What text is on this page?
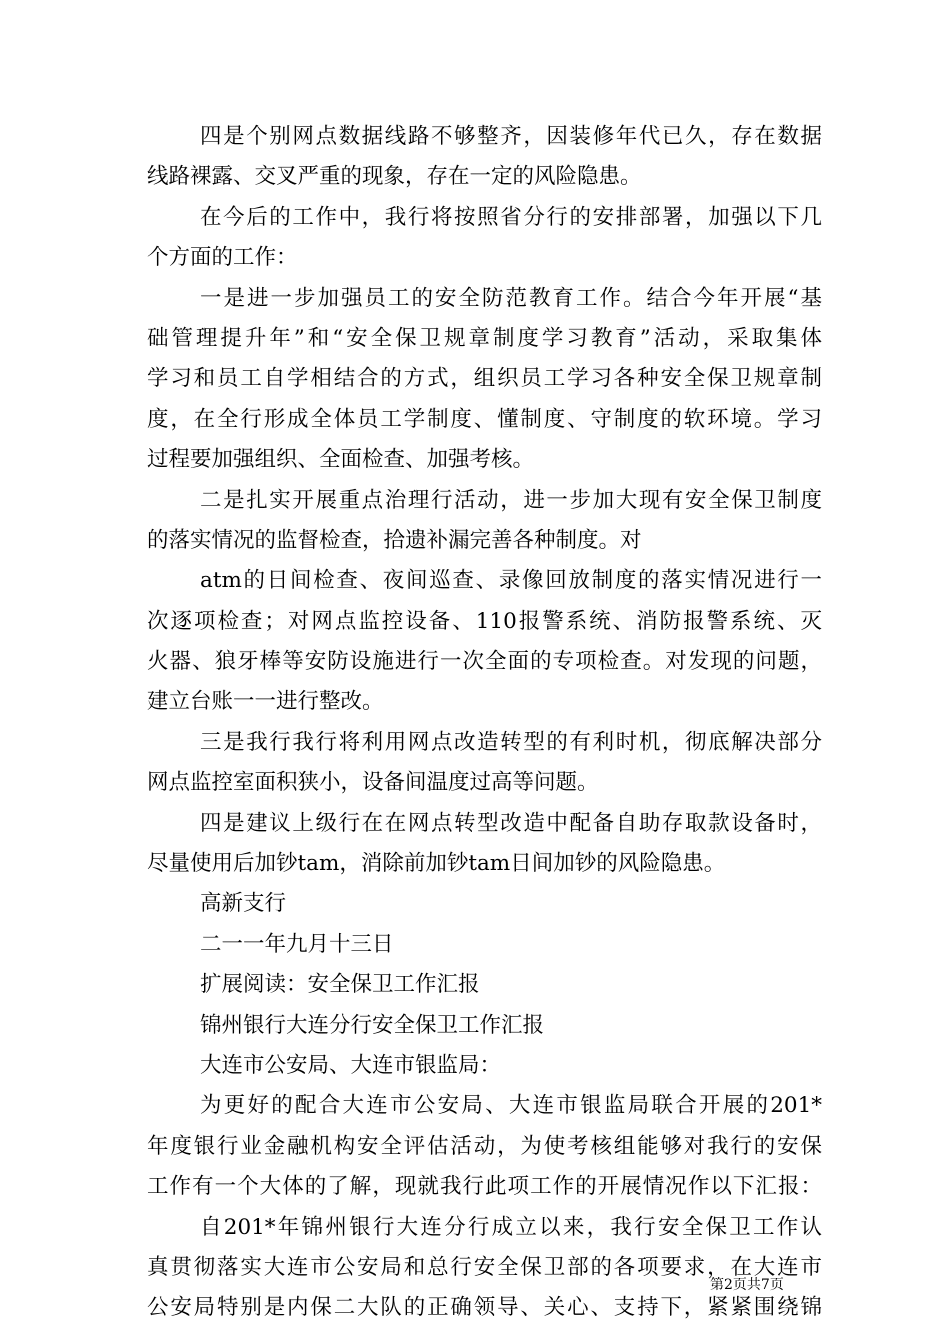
四是个别网点数据线路不够整齐，因装修年代已久，存在数据
线路裸露、交叉严重的现象，存在一定的风险隐患。
在今后的工作中，我行将按照省分行的安排部署，加强以下几
个方面的工作：
一是进一步加强员工的安全防范教育工作。结合今年开展“基
础管理提升年”和“安全保卫规章制度学习教育”活动，采取集体
学习和员工自学相结合的方式，组织员工学习各种安全保卫规章制
度，在全行形成全体员工学制度、懂制度、守制度的软环境。学习
过程要加强组织、全面检查、加强考核。
二是扎实开展重点治理行活动，进一步加大现有安全保卫制度
的落实情况的监督检查，拾遗补漏完善各种制度。对
atm的日间检查、夜间巡查、录像回放制度的落实情况进行一
次逐项检查；对网点监控设备、110报警系统、消防报警系统、灭
火器、狼牙棒等安防设施进行一次全面的专项检查。对发现的问题，
建立台账一一进行整改。
三是我行我行将利用网点改造转型的有利时机，彻底解决部分
网点监控室面积狭小，设备间温度过高等问题。
四是建议上级行在在网点转型改造中配备自助存取款设备时，
尽量使用后加钞tam，消除前加钞tam日间加钞的风险隐患。
高新支行
二一一年九月十三日
扩展阅读：安全保卫工作汇报
锦州银行大连分行安全保卫工作汇报
大连市公安局、大连市银监局：
为更好的配合大连市公安局、大连市银监局联合开展的201*
年度银行业金融机构安全评估活动，为使考核组能够对我行的安保
工作有一个大体的了解，现就我行此项工作的开展情况作以下汇报：
自201*年锦州银行大连分行成立以来，我行安全保卫工作认
真贯彻落实大连市公安局和总行安全保卫部的各项要求，在大连市
公安局特别是内保二大队的正确领导、关心、支持下，紧紧围绕锦
第2页共7页
